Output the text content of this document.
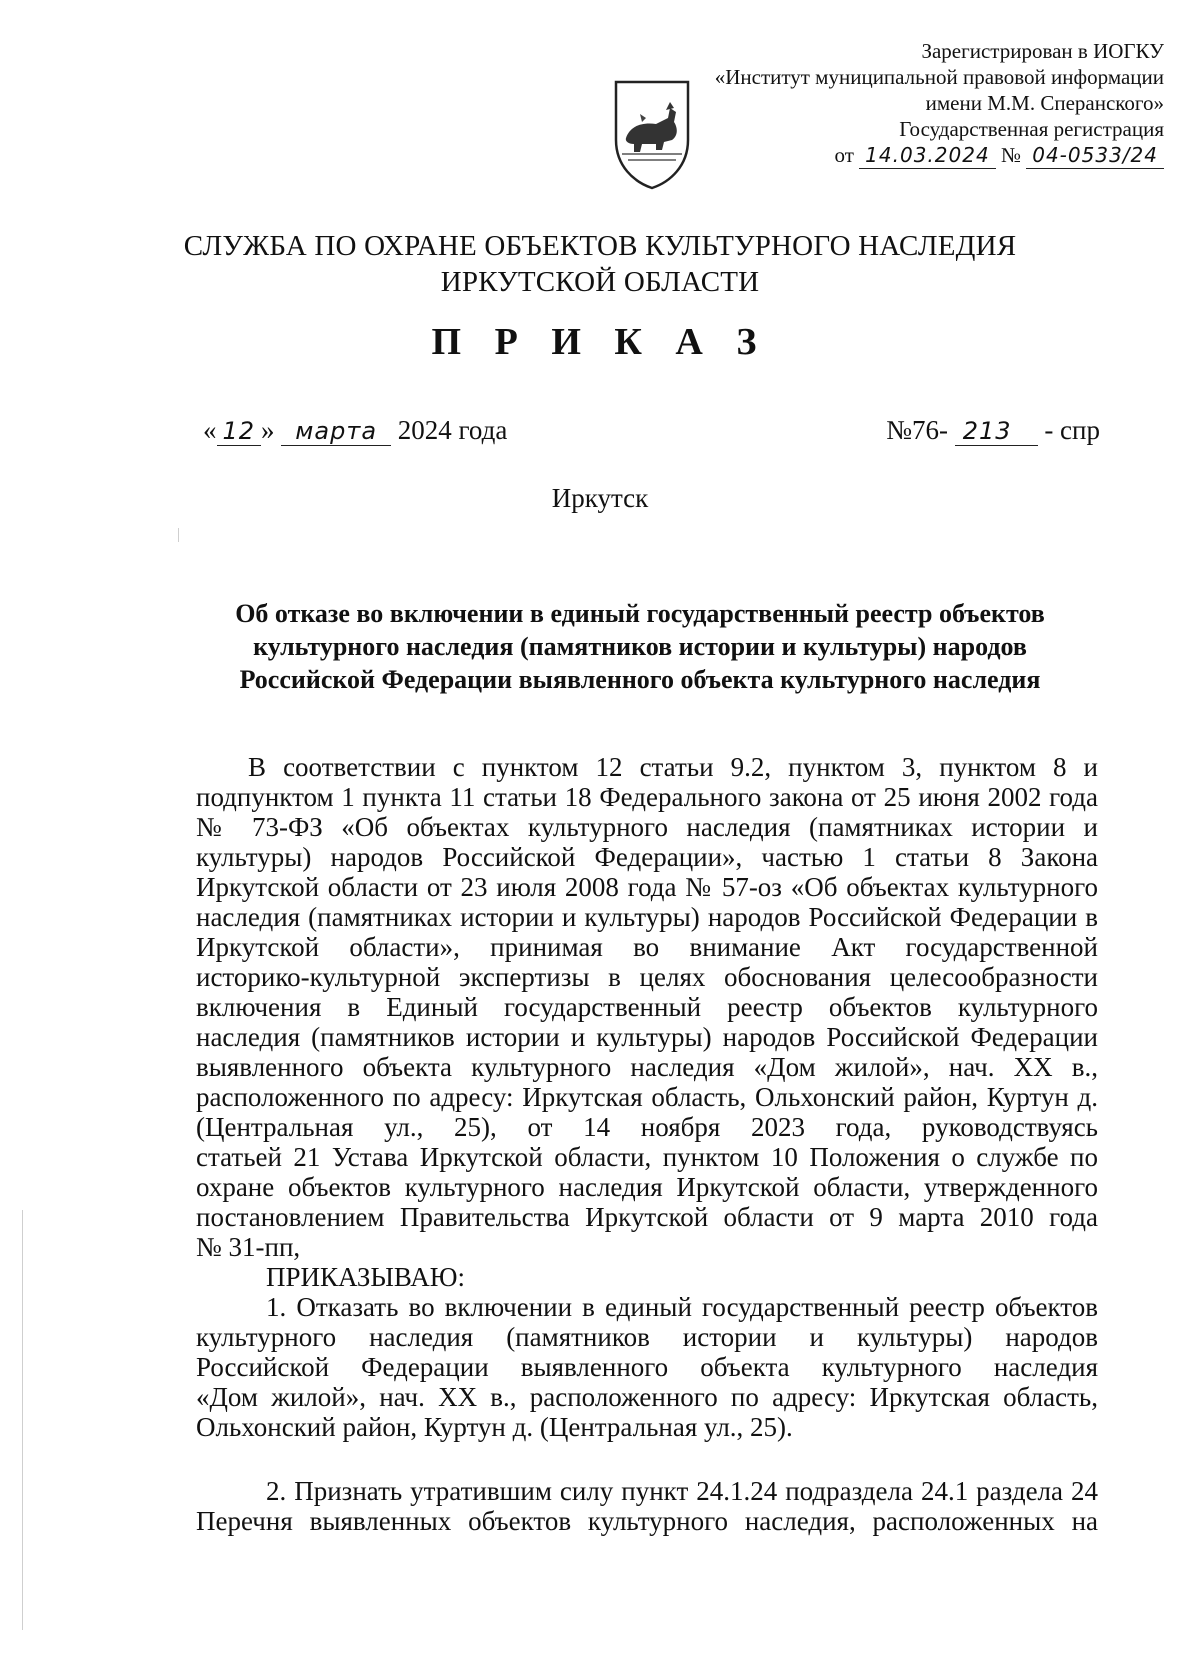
Зарегистрирован в ИОГКУ
«Институт муниципальной правовой информации
имени М.М. Сперанского»
Государственная регистрация
от 14.03.2024 № 04-0533/24
СЛУЖБА ПО ОХРАНЕ ОБЪЕКТОВ КУЛЬТУРНОГО НАСЛЕДИЯ
ИРКУТСКОЙ ОБЛАСТИ
П Р И К А З
« 12 » марта 2024 года	№76- 213 - спр
Иркутск
Об отказе во включении в единый государственный реестр объектов
культурного наследия (памятников истории и культуры) народов
Российской Федерации выявленного объекта культурного наследия
В соответствии с пунктом 12 статьи 9.2, пунктом 3, пунктом 8 и
подпунктом 1 пункта 11 статьи 18 Федерального закона от 25 июня 2002 года
№ 73-ФЗ «Об объектах культурного наследия (памятниках истории и
культуры) народов Российской Федерации», частью 1 статьи 8 Закона
Иркутской области от 23 июля 2008 года № 57-оз «Об объектах культурного
наследия (памятниках истории и культуры) народов Российской Федерации в
Иркутской области», принимая во внимание Акт государственной
историко-культурной экспертизы в целях обоснования целесообразности
включения в Единый государственный реестр объектов культурного
наследия (памятников истории и культуры) народов Российской Федерации
выявленного объекта культурного наследия «Дом жилой», нач. XX в.,
расположенного по адресу: Иркутская область, Ольхонский район, Куртун д.
(Центральная ул., 25), от 14 ноября 2023 года, руководствуясь
статьей 21 Устава Иркутской области, пунктом 10 Положения о службе по
охране объектов культурного наследия Иркутской области, утвержденного
постановлением Правительства Иркутской области от 9 марта 2010 года
№ 31-пп,
ПРИКАЗЫВАЮ:
1. Отказать во включении в единый государственный реестр объектов
культурного наследия (памятников истории и культуры) народов
Российской Федерации выявленного объекта культурного наследия
«Дом жилой», нач. XX в., расположенного по адресу: Иркутская область,
Ольхонский район, Куртун д. (Центральная ул., 25).
2. Признать утратившим силу пункт 24.1.24 подраздела 24.1 раздела 24
Перечня выявленных объектов культурного наследия, расположенных на
